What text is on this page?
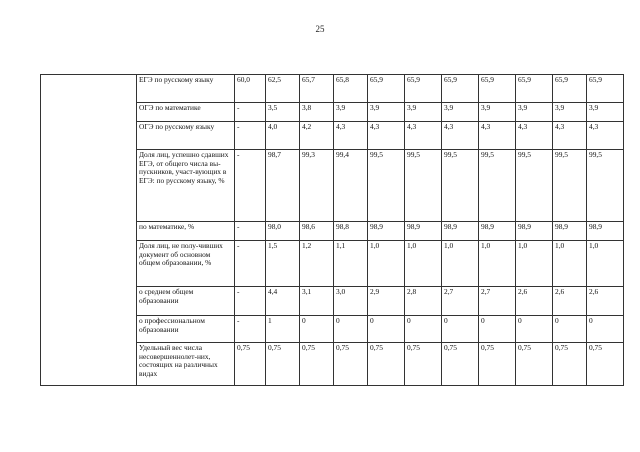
25
	ЕГЭ по русскому языку	60,0	62,5	65,7	65,8	65,9	65,9	65,9	65,9	65,9	65,9	65,9
	ОГЭ по математике	-	3,5	3,8	3,9	3,9	3,9	3,9	3,9	3,9	3,9	3,9
	ОГЭ по русскому языку	-	4,0	4,2	4,3	4,3	4,3	4,3	4,3	4,3	4,3	4,3
	Доля лиц, успешно сдавших ЕГЭ, от общего числа вы-пускников, участ-вующих в ЕГЭ: по русскому языку, %	-	98,7	99,3	99,4	99,5	99,5	99,5	99,5	99,5	99,5	99,5
	по математике, %	-	98,0	98,6	98,8	98,9	98,9	98,9	98,9	98,9	98,9	98,9
	Доля лиц, не полу-чивших документ об основном общем образовании, %	-	1,5	1,2	1,1	1,0	1,0	1,0	1,0	1,0	1,0	1,0
	о среднем общем образовании	-	4,4	3,1	3,0	2,9	2,8	2,7	2,7	2,6	2,6	2,6
	о профессиональном образовании	-	1	0	0	0	0	0	0	0	0	0
	Удельный вес числа несовершеннолет-них, состоящих на различных видах	0,75	0,75	0,75	0,75	0,75	0,75	0,75	0,75	0,75	0,75	0,75
